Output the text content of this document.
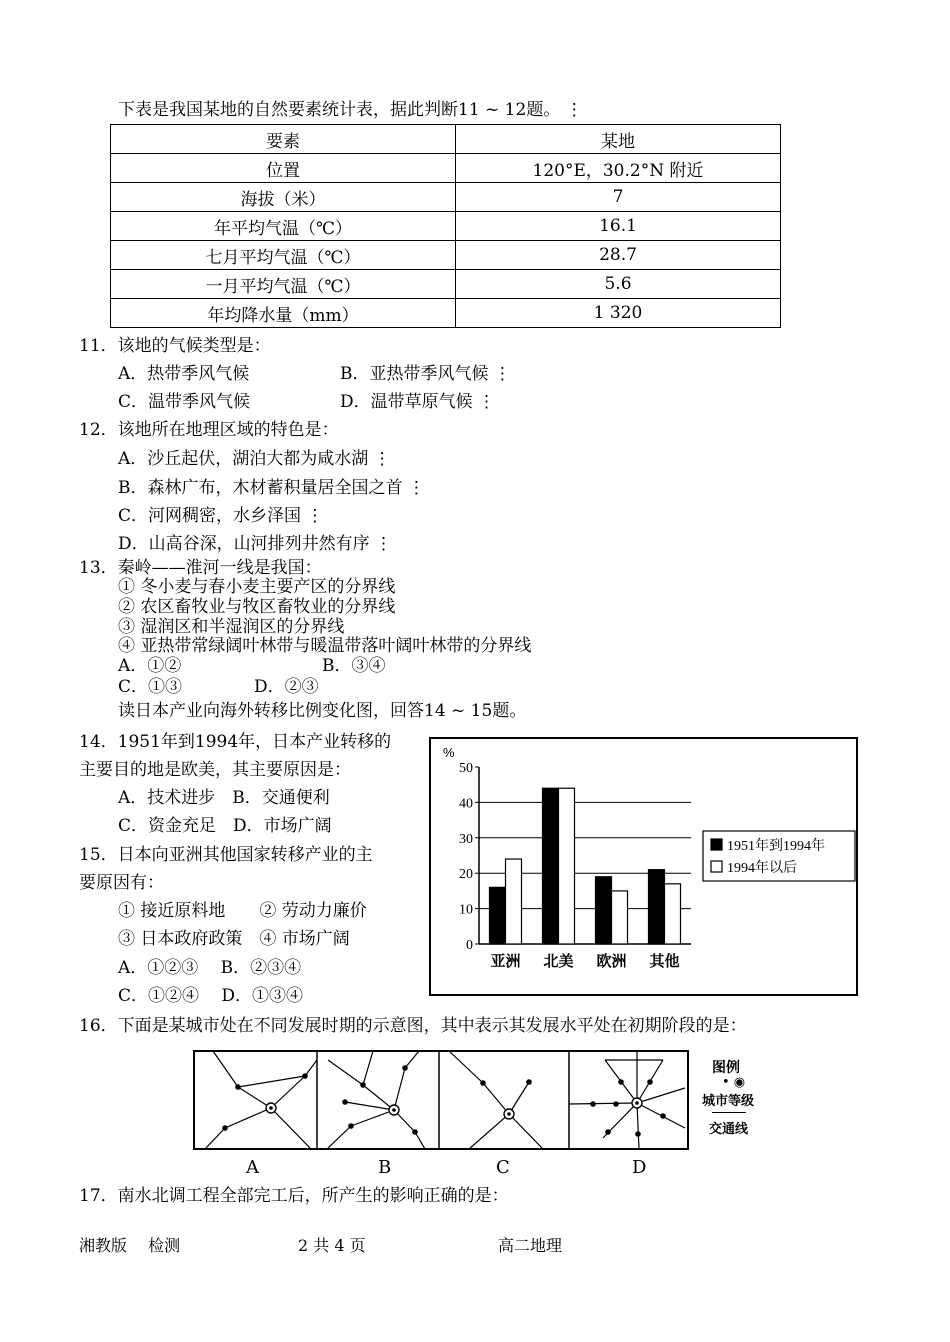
下表是我国某地的自然要素统计表，据此判断11 ~ 12题。 ⋮
要素	某地
位置	120°E，30.2°N 附近
海拔（米）	7
年平均气温（℃）	16.1
七月平均气温（℃）	28.7
一月平均气温（℃）	5.6
年均降水量（mm）	1 320
11．该地的气候类型是：
A．热带季风气候	B．亚热带季风气候 ⋮
C．温带季风气候	D．温带草原气候 ⋮
12．该地所在地理区域的特色是：
A．沙丘起伏，湖泊大都为咸水湖 ⋮
B．森林广布，木材蓄积量居全国之首 ⋮
C．河网稠密，水乡泽国 ⋮
D．山高谷深，山河排列井然有序 ⋮
13．秦岭——淮河一线是我国：
① 冬小麦与春小麦主要产区的分界线
② 农区畜牧业与牧区畜牧业的分界线
③ 湿润区和半湿润区的分界线
④ 亚热带常绿阔叶林带与暖温带落叶阔叶林带的分界线
A．①②	B．③④
C．①③	D．②③
读日本产业向海外转移比例变化图，回答14 ~ 15题。
14．1951年到1994年，日本产业转移的
主要目的地是欧美，其主要原因是：
A．技术进步　B．交通便利
C．资金充足　D．市场广阔
15．日本向亚洲其他国家转移产业的主
要原因有：
① 接近原料地　　② 劳动力廉价
③ 日本政府政策　④ 市场广阔
A．①②③　 B．②③④
C．①②④　 D．①③④
0
10
20
30
40
50
%
亚洲 北美 欧洲 其他
1951年到1994年
1994年以后
16．下面是某城市处在不同发展时期的示意图，其中表示其发展水平处在初期阶段的是：
图例
• ◉
城市等级
交通线
A	B	C	D
17．南水北调工程全部完工后，所产生的影响正确的是：
湘教版　 检测	2 共 4 页	高二地理
